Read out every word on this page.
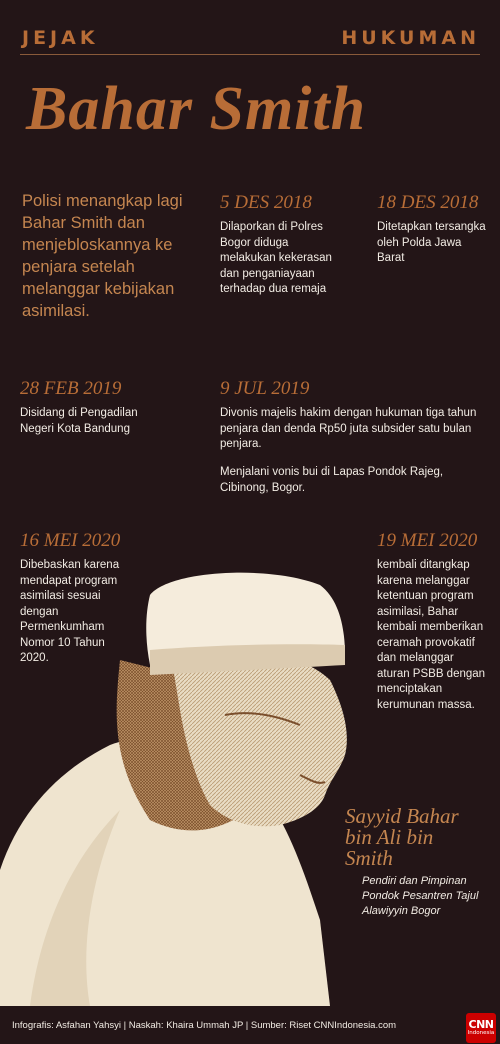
JEJAK	HUKUMAN
Bahar Smith
Polisi menangkap lagi Bahar Smith dan menjebloskannya ke penjara setelah melanggar kebijakan asimilasi.
5 DES 2018
Dilaporkan di Polres Bogor diduga melakukan kekerasan dan penganiayaan terhadap dua remaja
18 DES 2018
Ditetapkan tersangka oleh Polda Jawa Barat
28 FEB 2019
Disidang di Pengadilan Negeri Kota Bandung
9 JUL 2019
Divonis majelis hakim dengan hukuman tiga tahun penjara dan denda Rp50 juta subsider satu bulan penjara.
Menjalani vonis bui di Lapas Pondok Rajeg, Cibinong, Bogor.
16 MEI 2020
Dibebaskan karena mendapat program asimilasi sesuai dengan Permenkumham Nomor 10 Tahun 2020.
19 MEI 2020
kembali ditangkap karena melanggar ketentuan program asimilasi, Bahar kembali memberikan ceramah provokatif dan melanggar aturan PSBB dengan menciptakan kerumunan massa.
Sayyid Bahar bin Ali bin Smith
Pendiri dan Pimpinan Pondok Pesantren Tajul Alawiyyin Bogor
Infografis: Asfahan Yahsyi | Naskah: Khaira Ummah JP | Sumber: Riset CNNIndonesia.com	CNN
Indonesia
